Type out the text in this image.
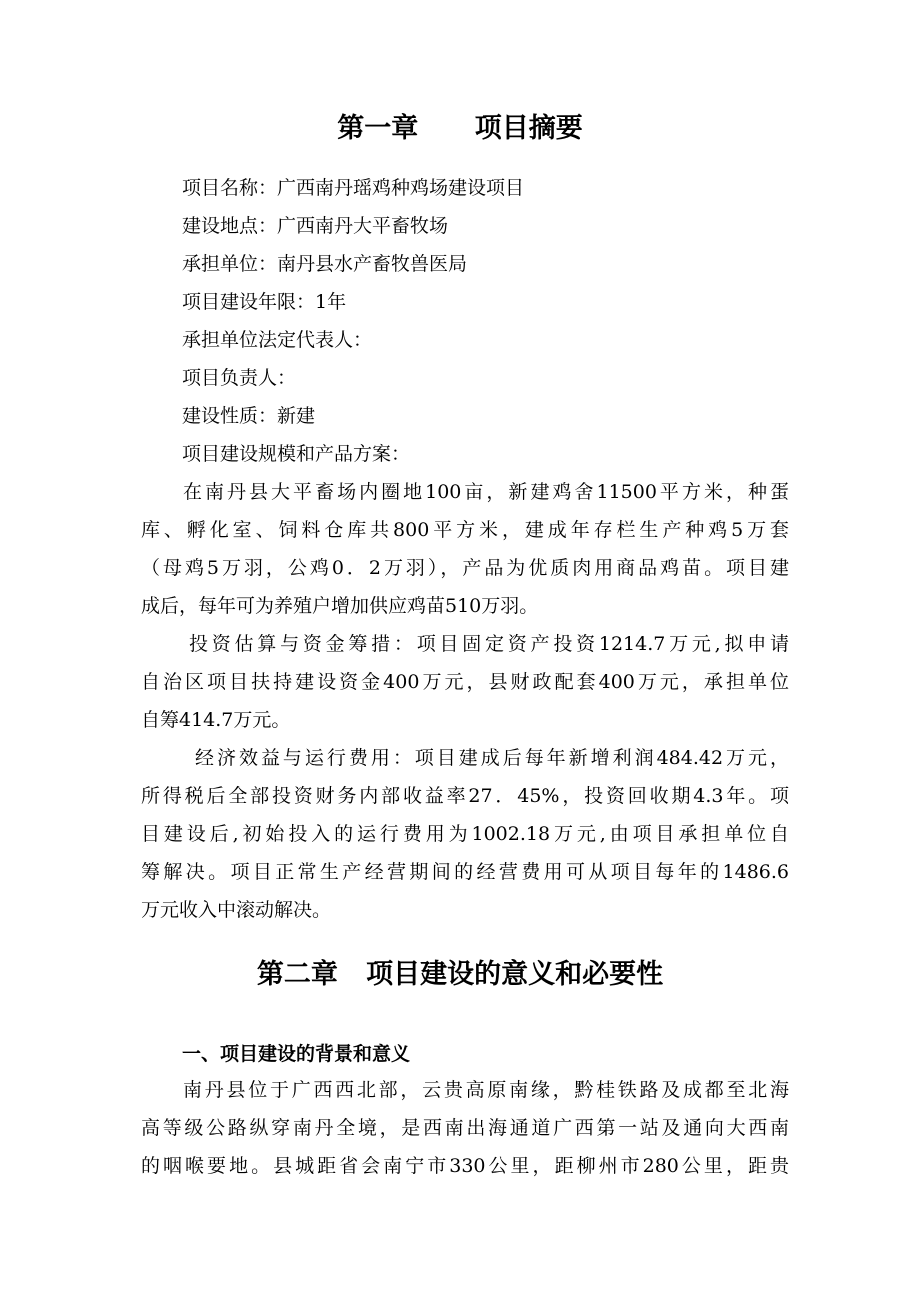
第一章      项目摘要

项目名称：广西南丹瑶鸡种鸡场建设项目

建设地点：广西南丹大平畜牧场

承担单位：南丹县水产畜牧兽医局

项目建设年限：1年

承担单位法定代表人：

项目负责人：

建设性质：新建

项目建设规模和产品方案：

在南丹县大平畜场内圈地100亩，新建鸡舍11500平方米，种蛋
库、孵化室、饲料仓库共800平方米，建成年存栏生产种鸡5万套
（母鸡5万羽，公鸡0．2万羽），产品为优质肉用商品鸡苗。项目建
成后，每年可为养殖户增加供应鸡苗510万羽。
投资估算与资金筹措：项目固定资产投资1214.7万元,拟申请
自治区项目扶持建设资金400万元，县财政配套400万元，承担单位
自筹414.7万元。
经济效益与运行费用：项目建成后每年新增利润484.42万元，
所得税后全部投资财务内部收益率27．45%，投资回收期4.3年。项
目建设后,初始投入的运行费用为1002.18万元,由项目承担单位自
筹解决。项目正常生产经营期间的经营费用可从项目每年的1486.6
万元收入中滚动解决。
第二章   项目建设的意义和必要性
一、项目建设的背景和意义
南丹县位于广西西北部，云贵高原南缘，黔桂铁路及成都至北海
高等级公路纵穿南丹全境，是西南出海通道广西第一站及通向大西南
的咽喉要地。县城距省会南宁市330公里，距柳州市280公里，距贵
